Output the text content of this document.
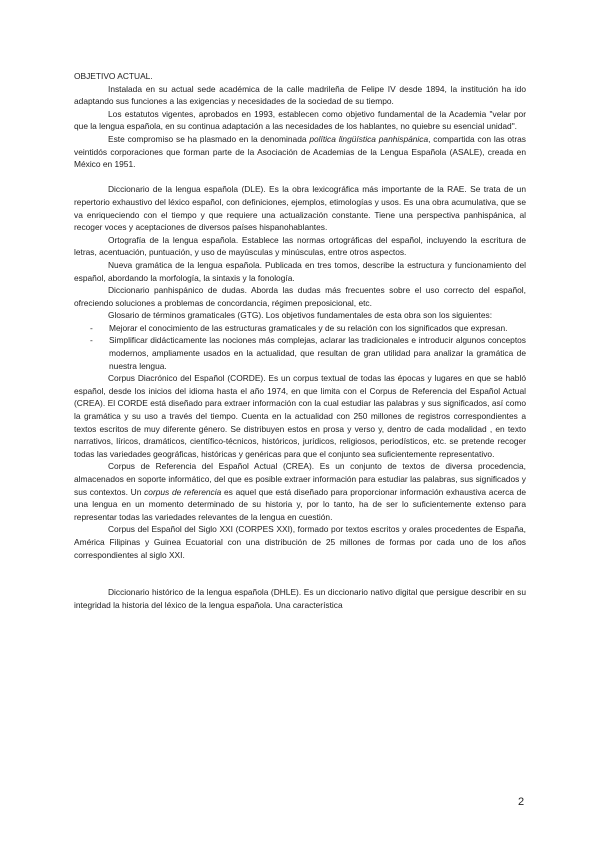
OBJETIVO ACTUAL.

Instalada en su actual sede académica de la calle madrileña de Felipe IV desde 1894, la institución ha ido adaptando sus funciones a las exigencias y necesidades de la sociedad de su tiempo.

Los estatutos vigentes, aprobados en 1993, establecen como objetivo fundamental de la Academia "velar por que la lengua española, en su continua adaptación a las necesidades de los hablantes, no quiebre su esencial unidad".

Este compromiso se ha plasmado en la denominada política lingüística panhispánica, compartida con las otras veintidós corporaciones que forman parte de la Asociación de Academias de la Lengua Española (ASALE), creada en México en 1951.

Diccionario de la lengua española (DLE). Es la obra lexicográfica más importante de la RAE. Se trata de un repertorio exhaustivo del léxico español, con definiciones, ejemplos, etimologías y usos. Es una obra acumulativa, que se va enriqueciendo con el tiempo y que requiere una actualización constante. Tiene una perspectiva panhispánica, al recoger voces y aceptaciones de diversos países hispanohablantes.

Ortografía de la lengua española. Establece las normas ortográficas del español, incluyendo la escritura de letras, acentuación, puntuación, y uso de mayúsculas y minúsculas, entre otros aspectos.

Nueva gramática de la lengua española. Publicada en tres tomos, describe la estructura y funcionamiento del español, abordando la morfología, la sintaxis y la fonología.

Diccionario panhispánico de dudas. Aborda las dudas más frecuentes sobre el uso correcto del español, ofreciendo soluciones a problemas de concordancia, régimen preposicional, etc.

Glosario de términos gramaticales (GTG). Los objetivos fundamentales de esta obra son los siguientes:

- Mejorar el conocimiento de las estructuras gramaticales y de su relación con los significados que expresan.
- Simplificar didácticamente las nociones más complejas, aclarar las tradicionales e introducir algunos conceptos modernos, ampliamente usados en la actualidad, que resultan de gran utilidad para analizar la gramática de nuestra lengua.

Corpus Diacrónico del Español (CORDE). Es un corpus textual de todas las épocas y lugares en que se habló español, desde los inicios del idioma hasta el año 1974, en que limita con el Corpus de Referencia del Español Actual (CREA). El CORDE está diseñado para extraer información con la cual estudiar las palabras y sus significados, así como la gramática y su uso a través del tiempo. Cuenta en la actualidad con 250 millones de registros correspondientes a textos escritos de muy diferente género. Se distribuyen estos en prosa y verso y, dentro de cada modalidad , en texto narrativos, líricos, dramáticos, científico-técnicos, históricos, jurídicos, religiosos, periodísticos, etc. se pretende recoger todas las variedades geográficas, históricas y genéricas para que el conjunto sea suficientemente representativo.

Corpus de Referencia del Español Actual (CREA). Es un conjunto de textos de diversa procedencia, almacenados en soporte informático, del que es posible extraer información para estudiar las palabras, sus significados y sus contextos. Un corpus de referencia es aquel que está diseñado para proporcionar información exhaustiva acerca de una lengua en un momento determinado de su historia y, por lo tanto, ha de ser lo suficientemente extenso para representar todas las variedades relevantes de la lengua en cuestión.

Corpus del Español del Siglo XXI (CORPES XXI), formado por textos escritos y orales procedentes de España, América Filipinas y Guinea Ecuatorial con una distribución de 25 millones de formas por cada uno de los años correspondientes al siglo XXI.

Diccionario histórico de la lengua española (DHLE). Es un diccionario nativo digital que persigue describir en su integridad la historia del léxico de la lengua española. Una característica

2
